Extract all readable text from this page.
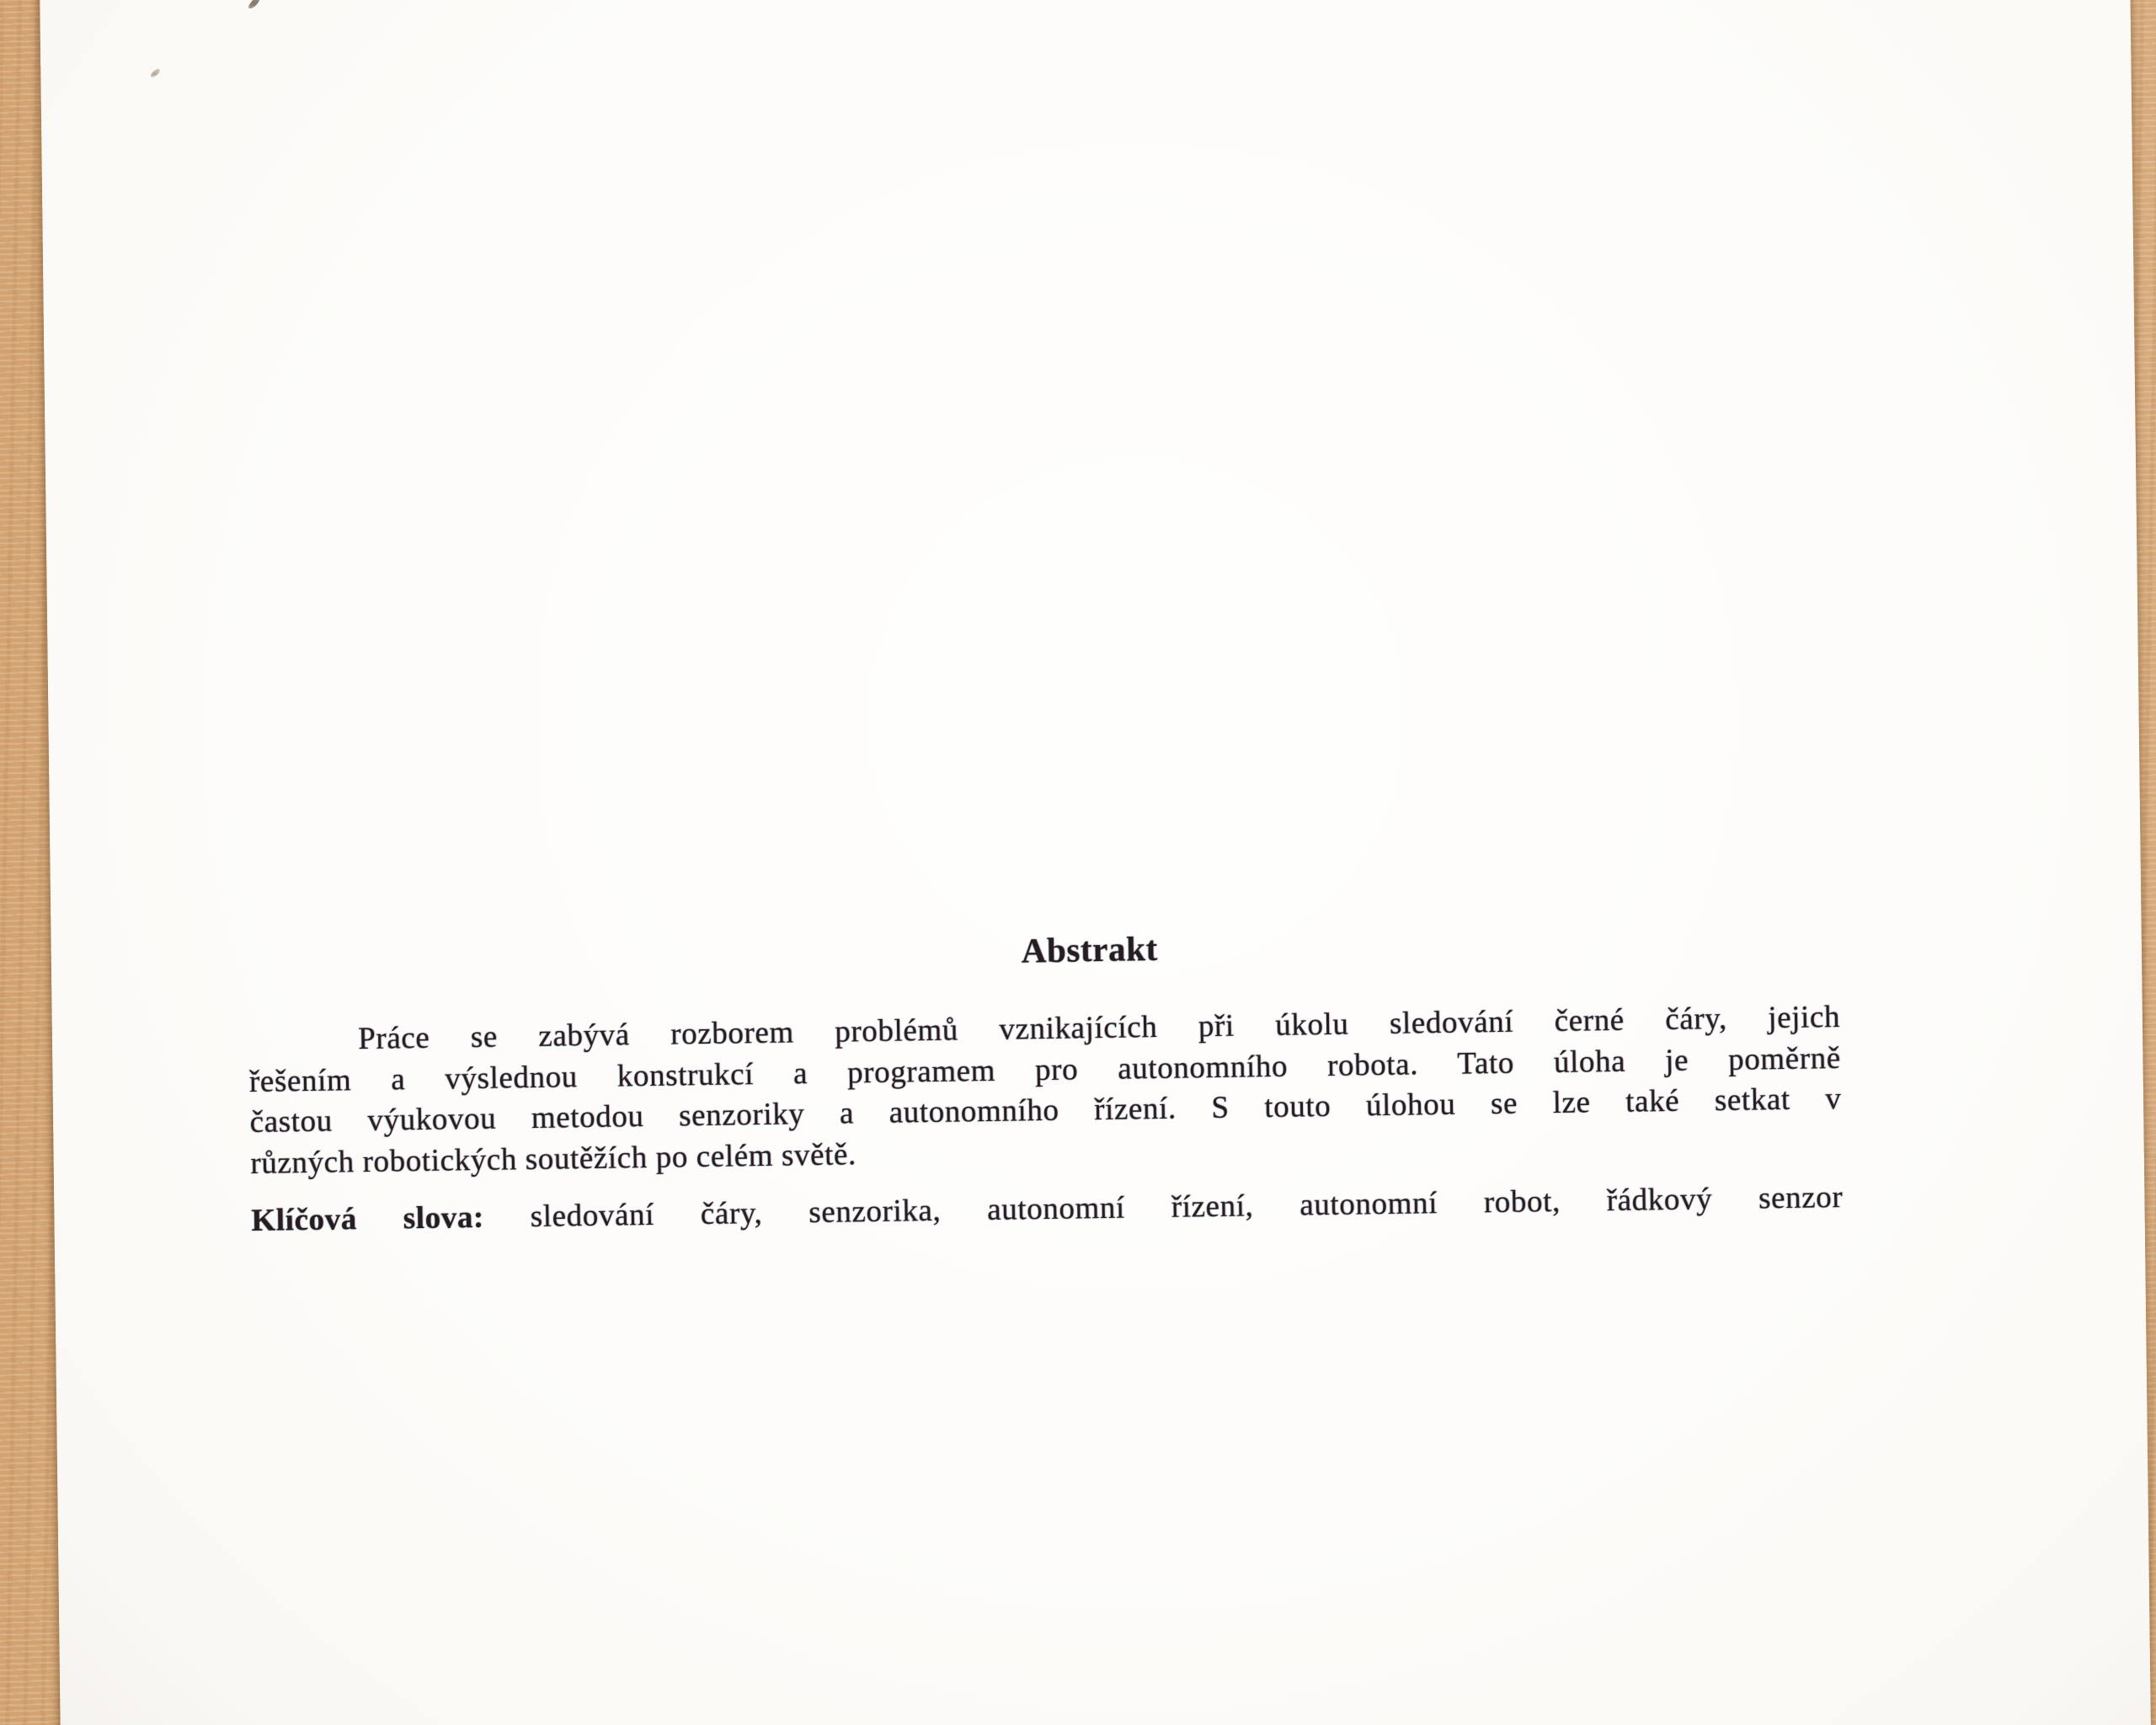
Abstrakt
Práce se zabývá rozborem problémů vznikajících při úkolu sledování černé čáry, jejich
řešením a výslednou konstrukcí a programem pro autonomního robota. Tato úloha je poměrně
častou výukovou metodou senzoriky a autonomního řízení. S touto úlohou se lze také setkat v
různých robotických soutěžích po celém světě.
Klíčová slova: sledování čáry, senzorika, autonomní řízení, autonomní robot, řádkový senzor
